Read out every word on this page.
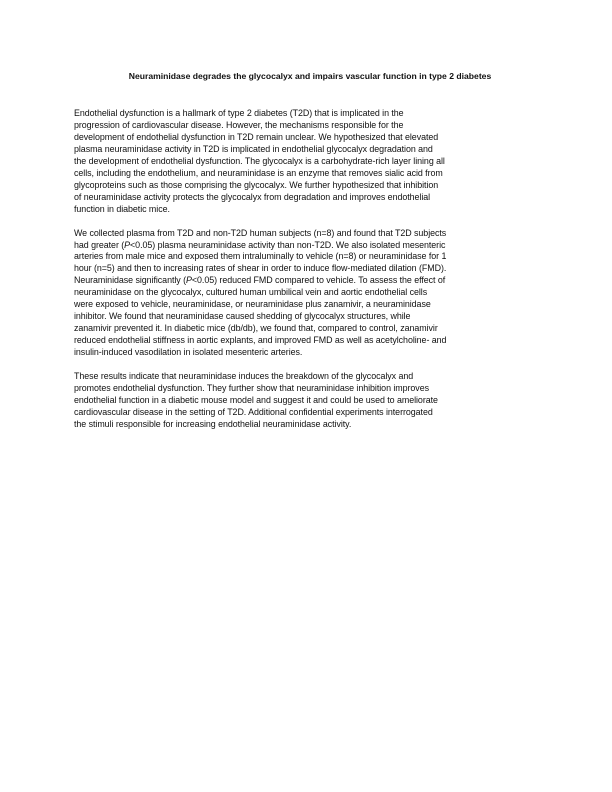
Neuraminidase degrades the glycocalyx and impairs vascular function in type 2 diabetes
Endothelial dysfunction is a hallmark of type 2 diabetes (T2D) that is implicated in the
progression of cardiovascular disease. However, the mechanisms responsible for the
development of endothelial dysfunction in T2D remain unclear. We hypothesized that elevated
plasma neuraminidase activity in T2D is implicated in endothelial glycocalyx degradation and
the development of endothelial dysfunction. The glycocalyx is a carbohydrate-rich layer lining all
cells, including the endothelium, and neuraminidase is an enzyme that removes sialic acid from
glycoproteins such as those comprising the glycocalyx. We further hypothesized that inhibition
of neuraminidase activity protects the glycocalyx from degradation and improves endothelial
function in diabetic mice.
We collected plasma from T2D and non-T2D human subjects (n=8) and found that T2D subjects
had greater (P<0.05) plasma neuraminidase activity than non-T2D. We also isolated mesenteric
arteries from male mice and exposed them intraluminally to vehicle (n=8) or neuraminidase for 1
hour (n=5) and then to increasing rates of shear in order to induce flow-mediated dilation (FMD).
Neuraminidase significantly (P<0.05) reduced FMD compared to vehicle. To assess the effect of
neuraminidase on the glycocalyx, cultured human umbilical vein and aortic endothelial cells
were exposed to vehicle, neuraminidase, or neuraminidase plus zanamivir, a neuraminidase
inhibitor. We found that neuraminidase caused shedding of glycocalyx structures, while
zanamivir prevented it. In diabetic mice (db/db), we found that, compared to control, zanamivir
reduced endothelial stiffness in aortic explants, and improved FMD as well as acetylcholine- and
insulin-induced vasodilation in isolated mesenteric arteries.
These results indicate that neuraminidase induces the breakdown of the glycocalyx and
promotes endothelial dysfunction. They further show that neuraminidase inhibition improves
endothelial function in a diabetic mouse model and suggest it and could be used to ameliorate
cardiovascular disease in the setting of T2D. Additional confidential experiments interrogated
the stimuli responsible for increasing endothelial neuraminidase activity.
